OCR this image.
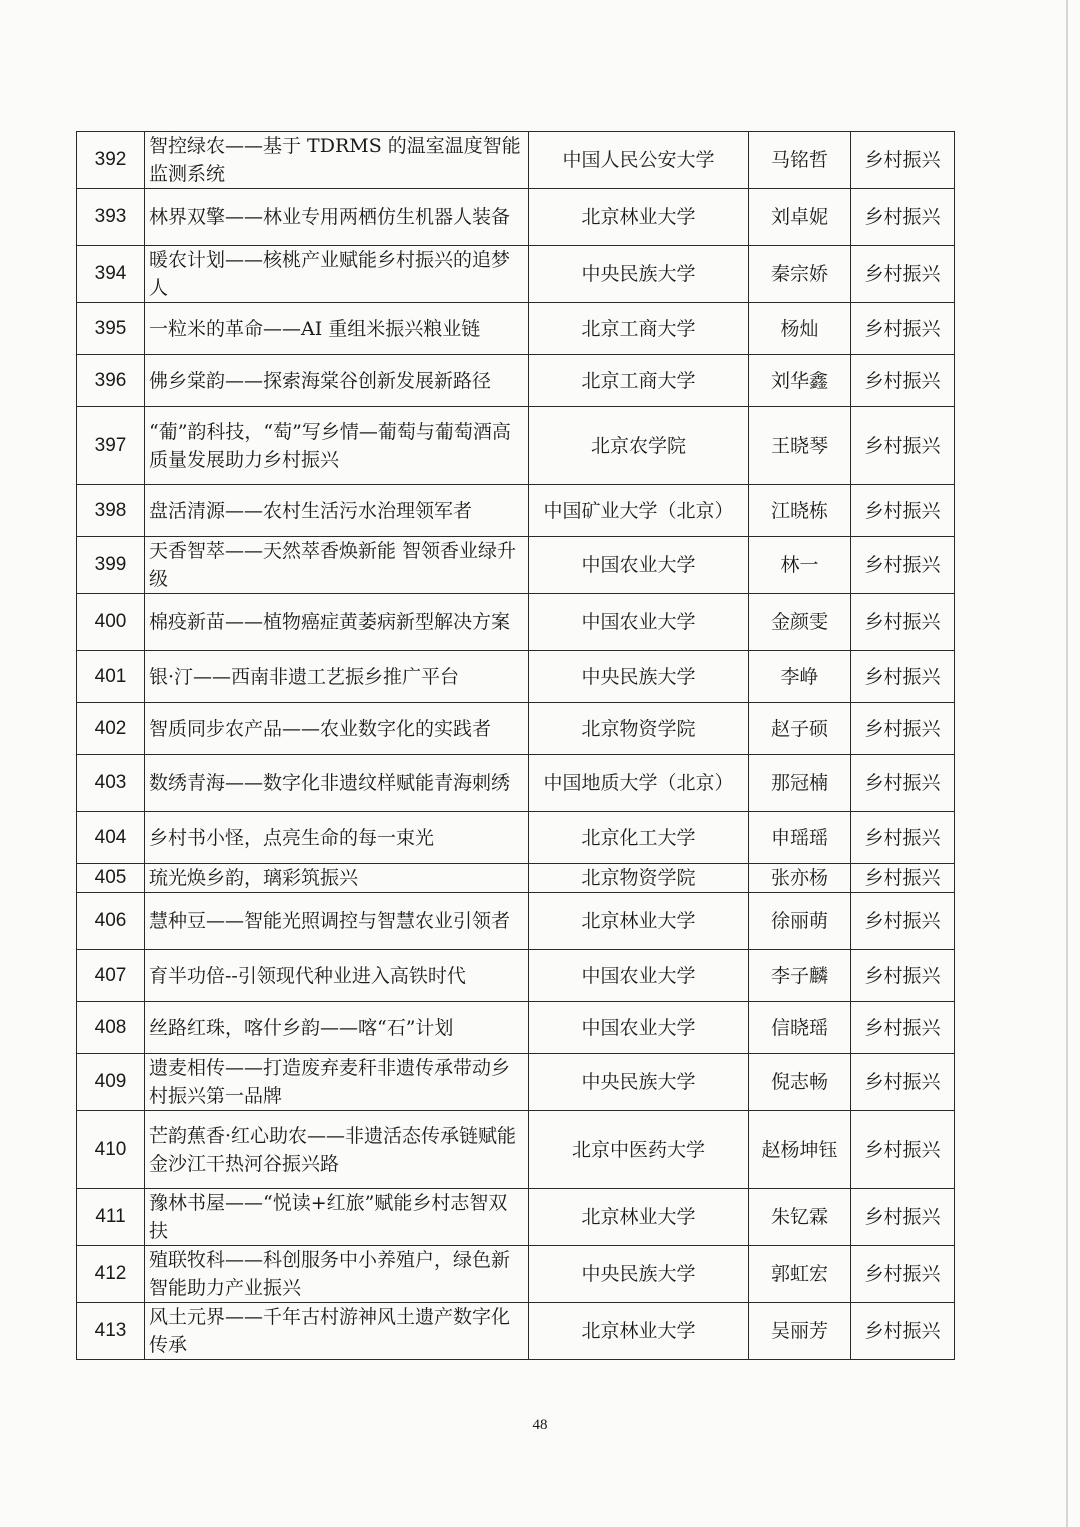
392	智控绿农——基于 TDRMS 的温室温度智能监测系统	中国人民公安大学	马铭哲	乡村振兴
393	林界双擎——林业专用两栖仿生机器人装备	北京林业大学	刘卓妮	乡村振兴
394	暖农计划——核桃产业赋能乡村振兴的追梦人	中央民族大学	秦宗娇	乡村振兴
395	一粒米的革命——AI 重组米振兴粮业链	北京工商大学	杨灿	乡村振兴
396	佛乡棠韵——探索海棠谷创新发展新路径	北京工商大学	刘华鑫	乡村振兴
397	“葡”韵科技，“萄”写乡情—葡萄与葡萄酒高质量发展助力乡村振兴	北京农学院	王晓琴	乡村振兴
398	盘活清源——农村生活污水治理领军者	中国矿业大学（北京）	江晓栋	乡村振兴
399	天香智萃——天然萃香焕新能 智领香业绿升级	中国农业大学	林一	乡村振兴
400	棉疫新苗——植物癌症黄萎病新型解决方案	中国农业大学	金颜雯	乡村振兴
401	银·汀——西南非遗工艺振乡推广平台	中央民族大学	李峥	乡村振兴
402	智质同步农产品——农业数字化的实践者	北京物资学院	赵子硕	乡村振兴
403	数绣青海——数字化非遗纹样赋能青海刺绣	中国地质大学（北京）	那冠楠	乡村振兴
404	乡村书小怪，点亮生命的每一束光	北京化工大学	申瑶瑶	乡村振兴
405	琉光焕乡韵，璃彩筑振兴	北京物资学院	张亦杨	乡村振兴
406	慧种豆——智能光照调控与智慧农业引领者	北京林业大学	徐丽萌	乡村振兴
407	育半功倍--引领现代种业进入高铁时代	中国农业大学	李子麟	乡村振兴
408	丝路红珠，喀什乡韵——喀“石”计划	中国农业大学	信晓瑶	乡村振兴
409	遗麦相传——打造废弃麦秆非遗传承带动乡村振兴第一品牌	中央民族大学	倪志畅	乡村振兴
410	芒韵蕉香·红心助农——非遗活态传承链赋能金沙江干热河谷振兴路	北京中医药大学	赵杨坤钰	乡村振兴
411	豫林书屋——“悦读+红旅”赋能乡村志智双扶	北京林业大学	朱钇霖	乡村振兴
412	殖联牧科——科创服务中小养殖户，绿色新智能助力产业振兴	中央民族大学	郭虹宏	乡村振兴
413	风土元界——千年古村游神风土遗产数字化传承	北京林业大学	吴丽芳	乡村振兴
48
